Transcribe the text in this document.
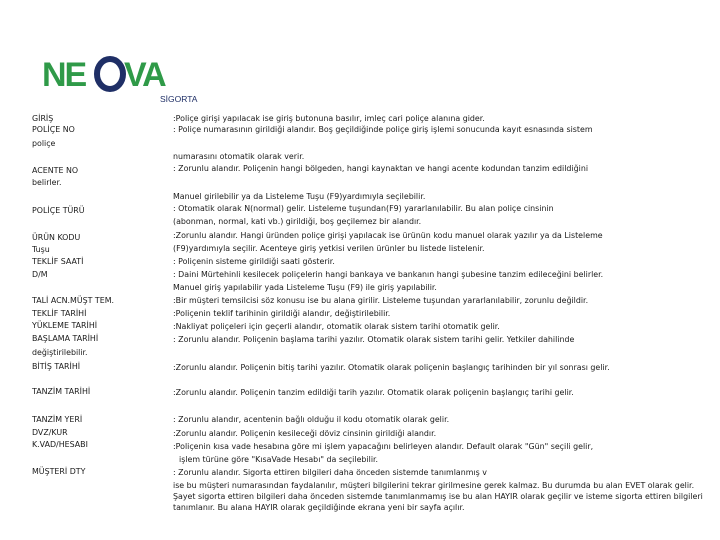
NE VA
SİGORTA
GİRİŞ
POLİÇE NO
poliçe
ACENTE NO
belirler.
POLİÇE TÜRÜ
ÜRÜN KODU
Tuşu
TEKLİF SAATİ
D/M
TALİ ACN.MÜŞT TEM.
TEKLİF TARİHİ
YÜKLEME TARİHİ
BAŞLAMA TARİHİ
değiştirilebilir.
BİTİŞ TARİHİ
TANZİM TARİHİ
TANZİM YERİ
DVZ/KUR
K.VAD/HESABI
MÜŞTERİ DTY
:Poliçe girişi yapılacak ise giriş butonuna basılır, imleç cari poliçe alanına gider.
: Poliçe numarasının girildiği alandır. Boş geçildiğinde poliçe giriş işlemi sonucunda kayıt esnasında sistem
numarasını otomatik olarak verir.
: Zorunlu alandır. Poliçenin hangi bölgeden, hangi kaynaktan ve hangi acente kodundan tanzim edildiğini
Manuel girilebilir ya da Listeleme Tuşu (F9)yardımıyla seçilebilir.
: Otomatik olarak N(normal) gelir. Listeleme tuşundan(F9) yararlanılabilir. Bu alan poliçe cinsinin
(abonman, normal, kati vb.) girildiği, boş geçilemez bir alandır.
:Zorunlu alandır. Hangi üründen poliçe girişi yapılacak ise ürünün kodu manuel olarak yazılır ya da Listeleme
(F9)yardımıyla seçilir. Acenteye giriş yetkisi verilen ürünler bu listede listelenir.
: Poliçenin sisteme girildiği saati gösterir.
: Daini Mürtehinli kesilecek poliçelerin hangi bankaya ve bankanın hangi şubesine tanzim edileceğini belirler.
Manuel giriş yapılabilir yada Listeleme Tuşu (F9) ile giriş yapılabilir.
:Bir müşteri temsilcisi söz konusu ise bu alana girilir. Listeleme tuşundan yararlanılabilir, zorunlu değildir.
:Poliçenin teklif tarihinin girildiği alandır, değiştirilebilir.
:Nakliyat poliçeleri için geçerli alandır, otomatik olarak sistem tarihi otomatik gelir.
: Zorunlu alandır. Poliçenin başlama tarihi yazılır. Otomatik olarak sistem tarihi gelir. Yetkiler dahilinde
:Zorunlu alandır. Poliçenin bitiş tarihi yazılır. Otomatik olarak poliçenin başlangıç tarihinden bir yıl sonrası gelir.
:Zorunlu alandır. Poliçenin tanzim edildiği tarih yazılır. Otomatik olarak poliçenin başlangıç tarihi gelir.
: Zorunlu alandır, acentenin bağlı olduğu il kodu otomatik olarak gelir.
:Zorunlu alandır. Poliçenin kesileceği döviz cinsinin girildiği alandır.
:Poliçenin kısa vade hesabına göre mi işlem yapacağını belirleyen alandır. Default olarak "Gün" seçili gelir,
işlem türüne göre "KısaVade Hesabı" da seçilebilir.
: Zorunlu alandır. Sigorta ettiren bilgileri daha önceden sistemde tanımlanmış v
ise bu müşteri numarasından faydalanılır, müşteri bilgilerini tekrar girilmesine gerek kalmaz. Bu durumda bu alan EVET olarak gelir. Şayet sigorta ettiren bilgileri daha önceden sistemde tanımlanmamış ise bu alan HAYIR olarak geçilir ve isteme sigorta ettiren bilgileri tanımlanır. Bu alana HAYIR olarak geçildiğinde ekrana yeni bir sayfa açılır.
